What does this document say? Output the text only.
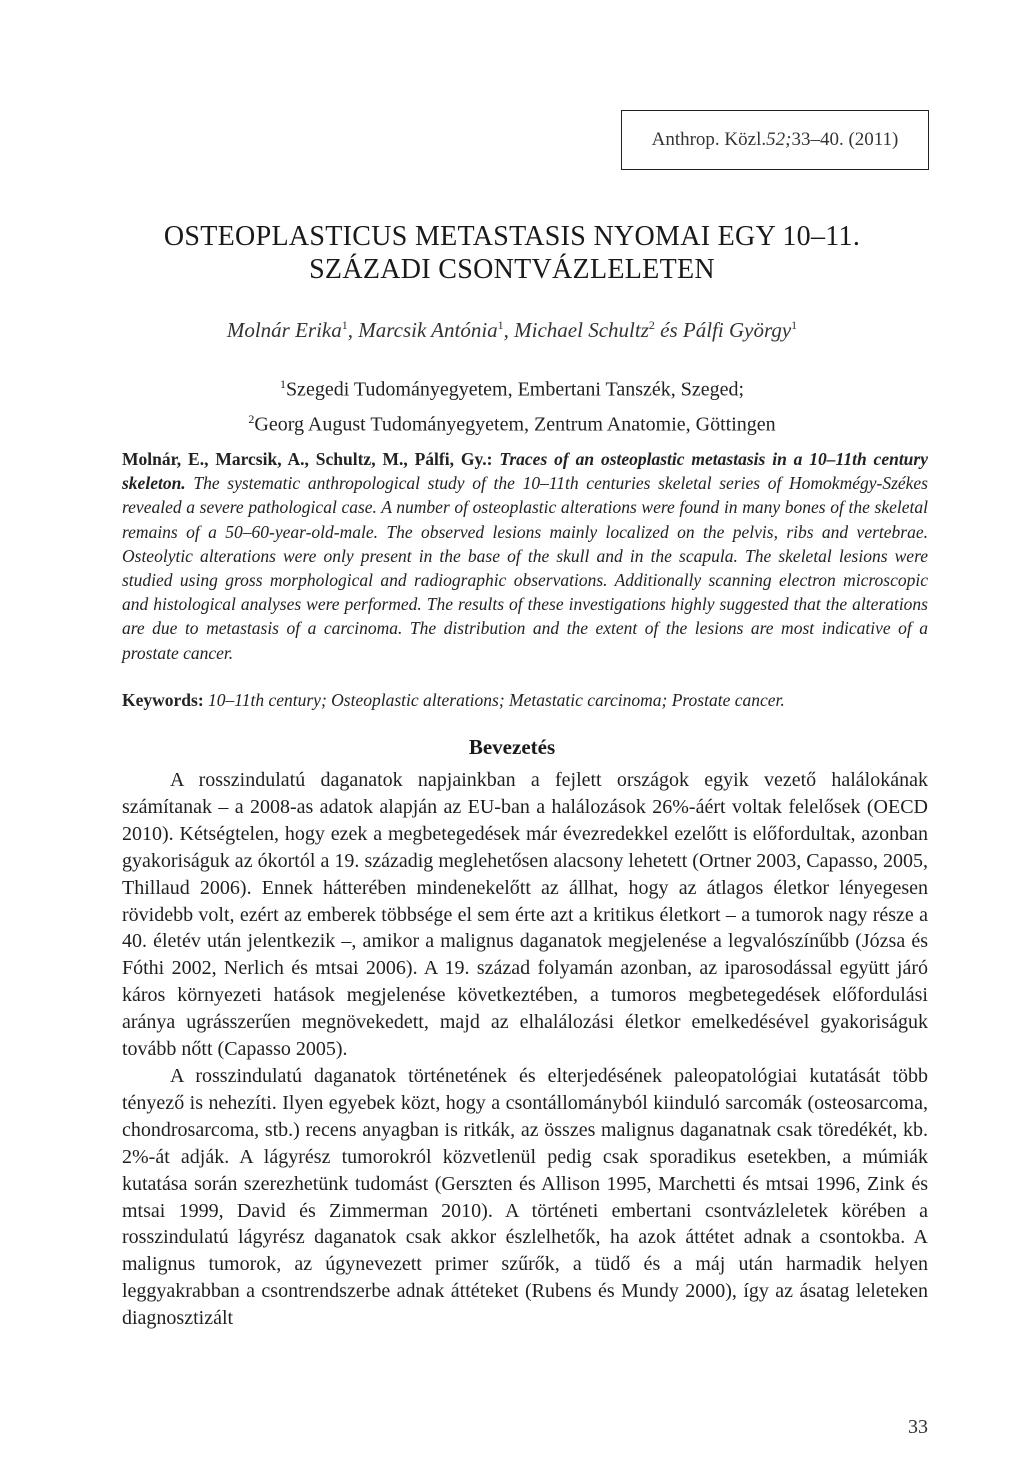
Anthrop. Közl. 52; 33–40. (2011)
OSTEOPLASTICUS METASTASIS NYOMAI EGY 10–11.
SZÁZADI CSONTVÁZLELETEN
Molnár Erika$^1$, Marcsik Antónia$^1$, Michael Schultz$^2$ és Pálfi György$^1$
$^1$Szegedi Tudományegyetem, Embertani Tanszék, Szeged;
$^2$Georg August Tudományegyetem, Zentrum Anatomie, Göttingen
Molnár, E., Marcsik, A., Schultz, M., Pálfi, Gy.: Traces of an osteoplastic metastasis in a 10–11th century skeleton. The systematic anthropological study of the 10–11th centuries skeletal series of Homokmégy-Székes revealed a severe pathological case. A number of osteoplastic alterations were found in many bones of the skeletal remains of a 50–60-year-old-male. The observed lesions mainly localized on the pelvis, ribs and vertebrae. Osteolytic alterations were only present in the base of the skull and in the scapula. The skeletal lesions were studied using gross morphological and radiographic observations. Additionally scanning electron microscopic and histological analyses were performed. The results of these investigations highly suggested that the alterations are due to metastasis of a carcinoma. The distribution and the extent of the lesions are most indicative of a prostate cancer.
Keywords: 10–11th century; Osteoplastic alterations; Metastatic carcinoma; Prostate cancer.
Bevezetés

A rosszindulatú daganatok napjainkban a fejlett országok egyik vezető halálokának számítanak – a 2008-as adatok alapján az EU-ban a halálozások 26%-áért voltak felelősek (OECD 2010). Kétségtelen, hogy ezek a megbetegedések már évezredekkel ezelőtt is előfordultak, azonban gyakoriságuk az ókortól a 19. századig meglehetősen alacsony lehetett (Ortner 2003, Capasso, 2005, Thillaud 2006). Ennek hátterében mindenekelőtt az állhat, hogy az átlagos életkor lényegesen rövidebb volt, ezért az emberek többsége el sem érte azt a kritikus életkort – a tumorok nagy része a 40. életév után jelentkezik –, amikor a malignus daganatok megjelenése a legvalószínűbb (Józsa és Fóthi 2002, Nerlich és mtsai 2006). A 19. század folyamán azonban, az iparosodással együtt járó káros környezeti hatások megjelenése következtében, a tumoros megbetegedések előfordulási aránya ugrásszerűen megnövekedett, majd az elhalálozási életkor emelkedésével gyakoriságuk tovább nőtt (Capasso 2005).

A rosszindulatú daganatok történetének és elterjedésének paleopatológiai kutatását több tényező is nehezíti. Ilyen egyebek közt, hogy a csontállományból kiinduló sarcomák (osteosarcoma, chondrosarcoma, stb.) recens anyagban is ritkák, az összes malignus daganatnak csak töredékét, kb. 2%-át adják. A lágyrész tumorokról közvetlenül pedig csak sporadikus esetekben, a múmiák kutatása során szerezhetünk tudomást (Gerszten és Allison 1995, Marchetti és mtsai 1996, Zink és mtsai 1999, David és Zimmerman 2010). A történeti embertani csontvázleletek körében a rosszindulatú lágyrész daganatok csak akkor észlelhetők, ha azok áttétet adnak a csontokba. A malignus tumorok, az úgynevezett primer szűrők, a tüdő és a máj után harmadik helyen leggyakrabban a csontrendszerbe adnak áttéteket (Rubens és Mundy 2000), így az ásatag leleteken diagnosztizált

33
